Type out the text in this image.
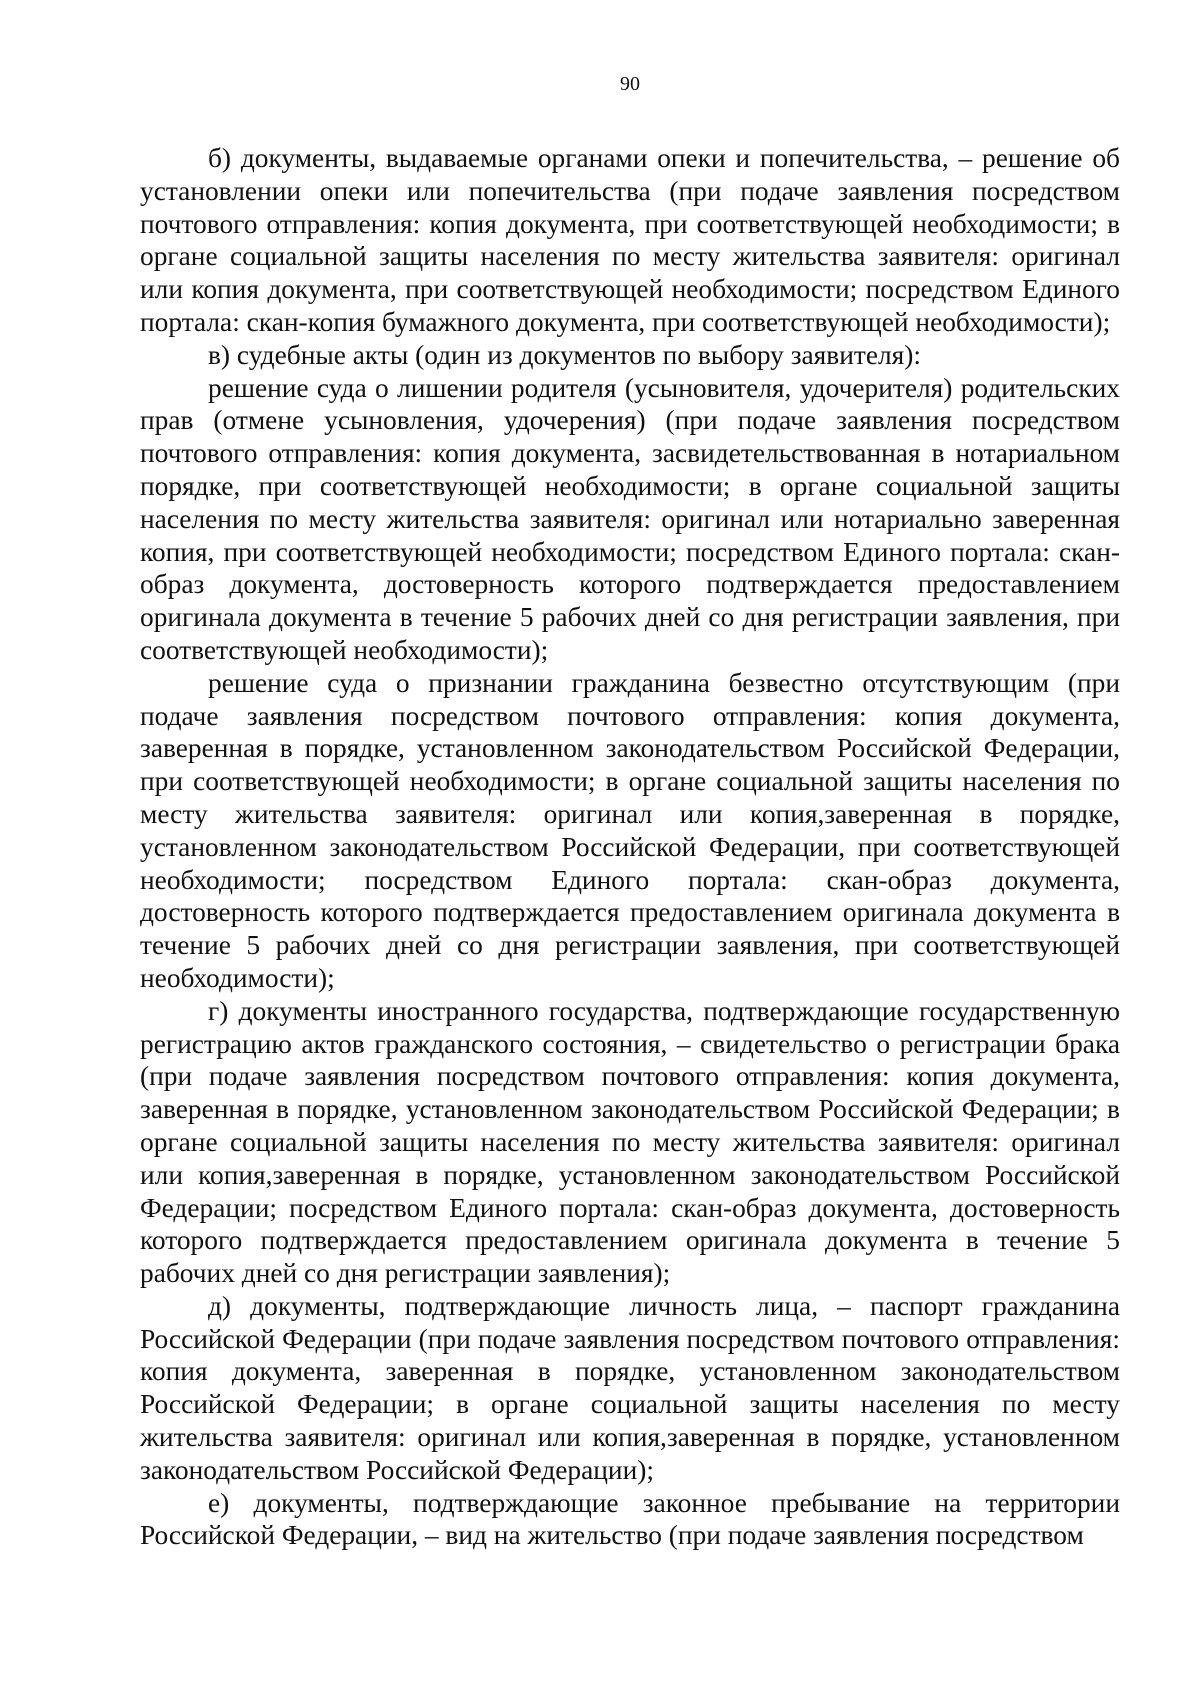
90

б) документы, выдаваемые органами опеки и попечительства, – решение об установлении опеки или попечительства (при подаче заявления посредством почтового отправления: копия документа, при соответствующей необходимости; в органе социальной защиты населения по месту жительства заявителя: оригинал или копия документа, при соответствующей необходимости; посредством Единого портала: скан-копия бумажного документа, при соответствующей необходимости);

в) судебные акты (один из документов по выбору заявителя):

решение суда о лишении родителя (усыновителя, удочерителя) родительских прав (отмене усыновления, удочерения) (при подаче заявления посредством почтового отправления: копия документа, засвидетельствованная в нотариальном порядке, при соответствующей необходимости; в органе социальной защиты населения по месту жительства заявителя: оригинал или нотариально заверенная копия, при соответствующей необходимости; посредством Единого портала: скан-образ документа, достоверность которого подтверждается предоставлением оригинала документа в течение 5 рабочих дней со дня регистрации заявления, при соответствующей необходимости);

решение суда о признании гражданина безвестно отсутствующим (при подаче заявления посредством почтового отправления: копия документа, заверенная в порядке, установленном законодательством Российской Федерации, при соответствующей необходимости; в органе социальной защиты населения по месту жительства заявителя: оригинал или копия,заверенная в порядке, установленном законодательством Российской Федерации, при соответствующей необходимости; посредством Единого портала: скан-образ документа, достоверность которого подтверждается предоставлением оригинала документа в течение 5 рабочих дней со дня регистрации заявления, при соответствующей необходимости);

г) документы иностранного государства, подтверждающие государственную регистрацию актов гражданского состояния, – свидетельство о регистрации брака (при подаче заявления посредством почтового отправления: копия документа, заверенная в порядке, установленном законодательством Российской Федерации; в органе социальной защиты населения по месту жительства заявителя: оригинал или копия,заверенная в порядке, установленном законодательством Российской Федерации; посредством Единого портала: скан-образ документа, достоверность которого подтверждается предоставлением оригинала документа в течение 5 рабочих дней со дня регистрации заявления);

д) документы, подтверждающие личность лица, – паспорт гражданина Российской Федерации (при подаче заявления посредством почтового отправления: копия документа, заверенная в порядке, установленном законодательством Российской Федерации; в органе социальной защиты населения по месту жительства заявителя: оригинал или копия,заверенная в порядке, установленном законодательством Российской Федерации);

е) документы, подтверждающие законное пребывание на территории Российской Федерации, – вид на жительство (при подаче заявления посредством
